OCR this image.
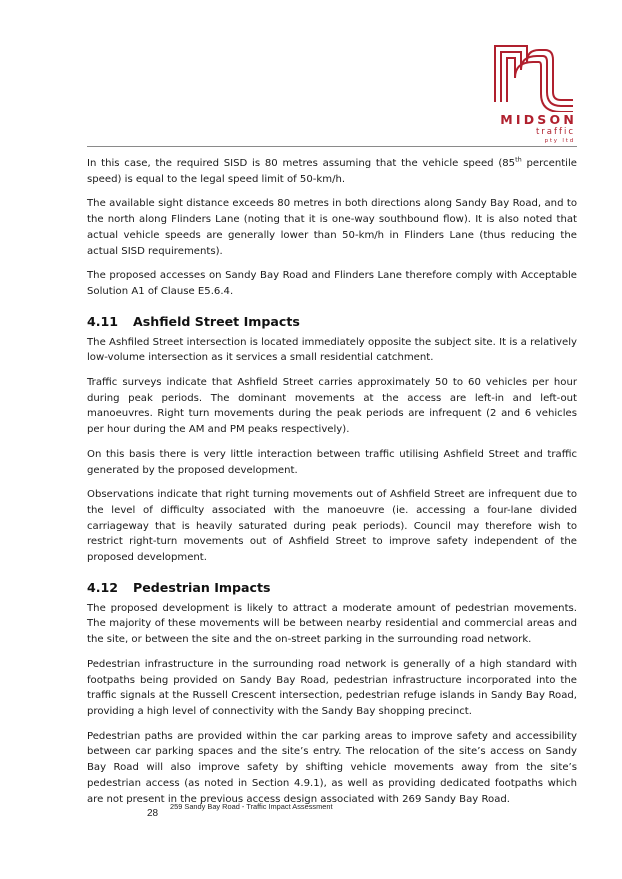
MIDSON
traffic
pty ltd

In this case, the required SISD is 80 metres assuming that the vehicle speed (85th percentile speed) is equal to the legal speed limit of 50-km/h.

The available sight distance exceeds 80 metres in both directions along Sandy Bay Road, and to the north along Flinders Lane (noting that it is one-way southbound flow). It is also noted that actual vehicle speeds are generally lower than 50-km/h in Flinders Lane (thus reducing the actual SISD requirements).

The proposed accesses on Sandy Bay Road and Flinders Lane therefore comply with Acceptable Solution A1 of Clause E5.6.4.

4.11 Ashfield Street Impacts

The Ashfiled Street intersection is located immediately opposite the subject site. It is a relatively low-volume intersection as it services a small residential catchment.

Traffic surveys indicate that Ashfield Street carries approximately 50 to 60 vehicles per hour during peak periods. The dominant movements at the access are left-in and left-out manoeuvres. Right turn movements during the peak periods are infrequent (2 and 6 vehicles per hour during the AM and PM peaks respectively).

On this basis there is very little interaction between traffic utilising Ashfield Street and traffic generated by the proposed development.

Observations indicate that right turning movements out of Ashfield Street are infrequent due to the level of difficulty associated with the manoeuvre (ie. accessing a four-lane divided carriageway that is heavily saturated during peak periods). Council may therefore wish to restrict right-turn movements out of Ashfield Street to improve safety independent of the proposed development.

4.12 Pedestrian Impacts

The proposed development is likely to attract a moderate amount of pedestrian movements. The majority of these movements will be between nearby residential and commercial areas and the site, or between the site and the on-street parking in the surrounding road network.

Pedestrian infrastructure in the surrounding road network is generally of a high standard with footpaths being provided on Sandy Bay Road, pedestrian infrastructure incorporated into the traffic signals at the Russell Crescent intersection, pedestrian refuge islands in Sandy Bay Road, providing a high level of connectivity with the Sandy Bay shopping precinct.

Pedestrian paths are provided within the car parking areas to improve safety and accessibility between car parking spaces and the site’s entry. The relocation of the site’s access on Sandy Bay Road will also improve safety by shifting vehicle movements away from the site’s pedestrian access (as noted in Section 4.9.1), as well as providing dedicated footpaths which are not present in the previous access design associated with 269 Sandy Bay Road.

259 Sandy Bay Road - Traffic Impact Assessment
28
